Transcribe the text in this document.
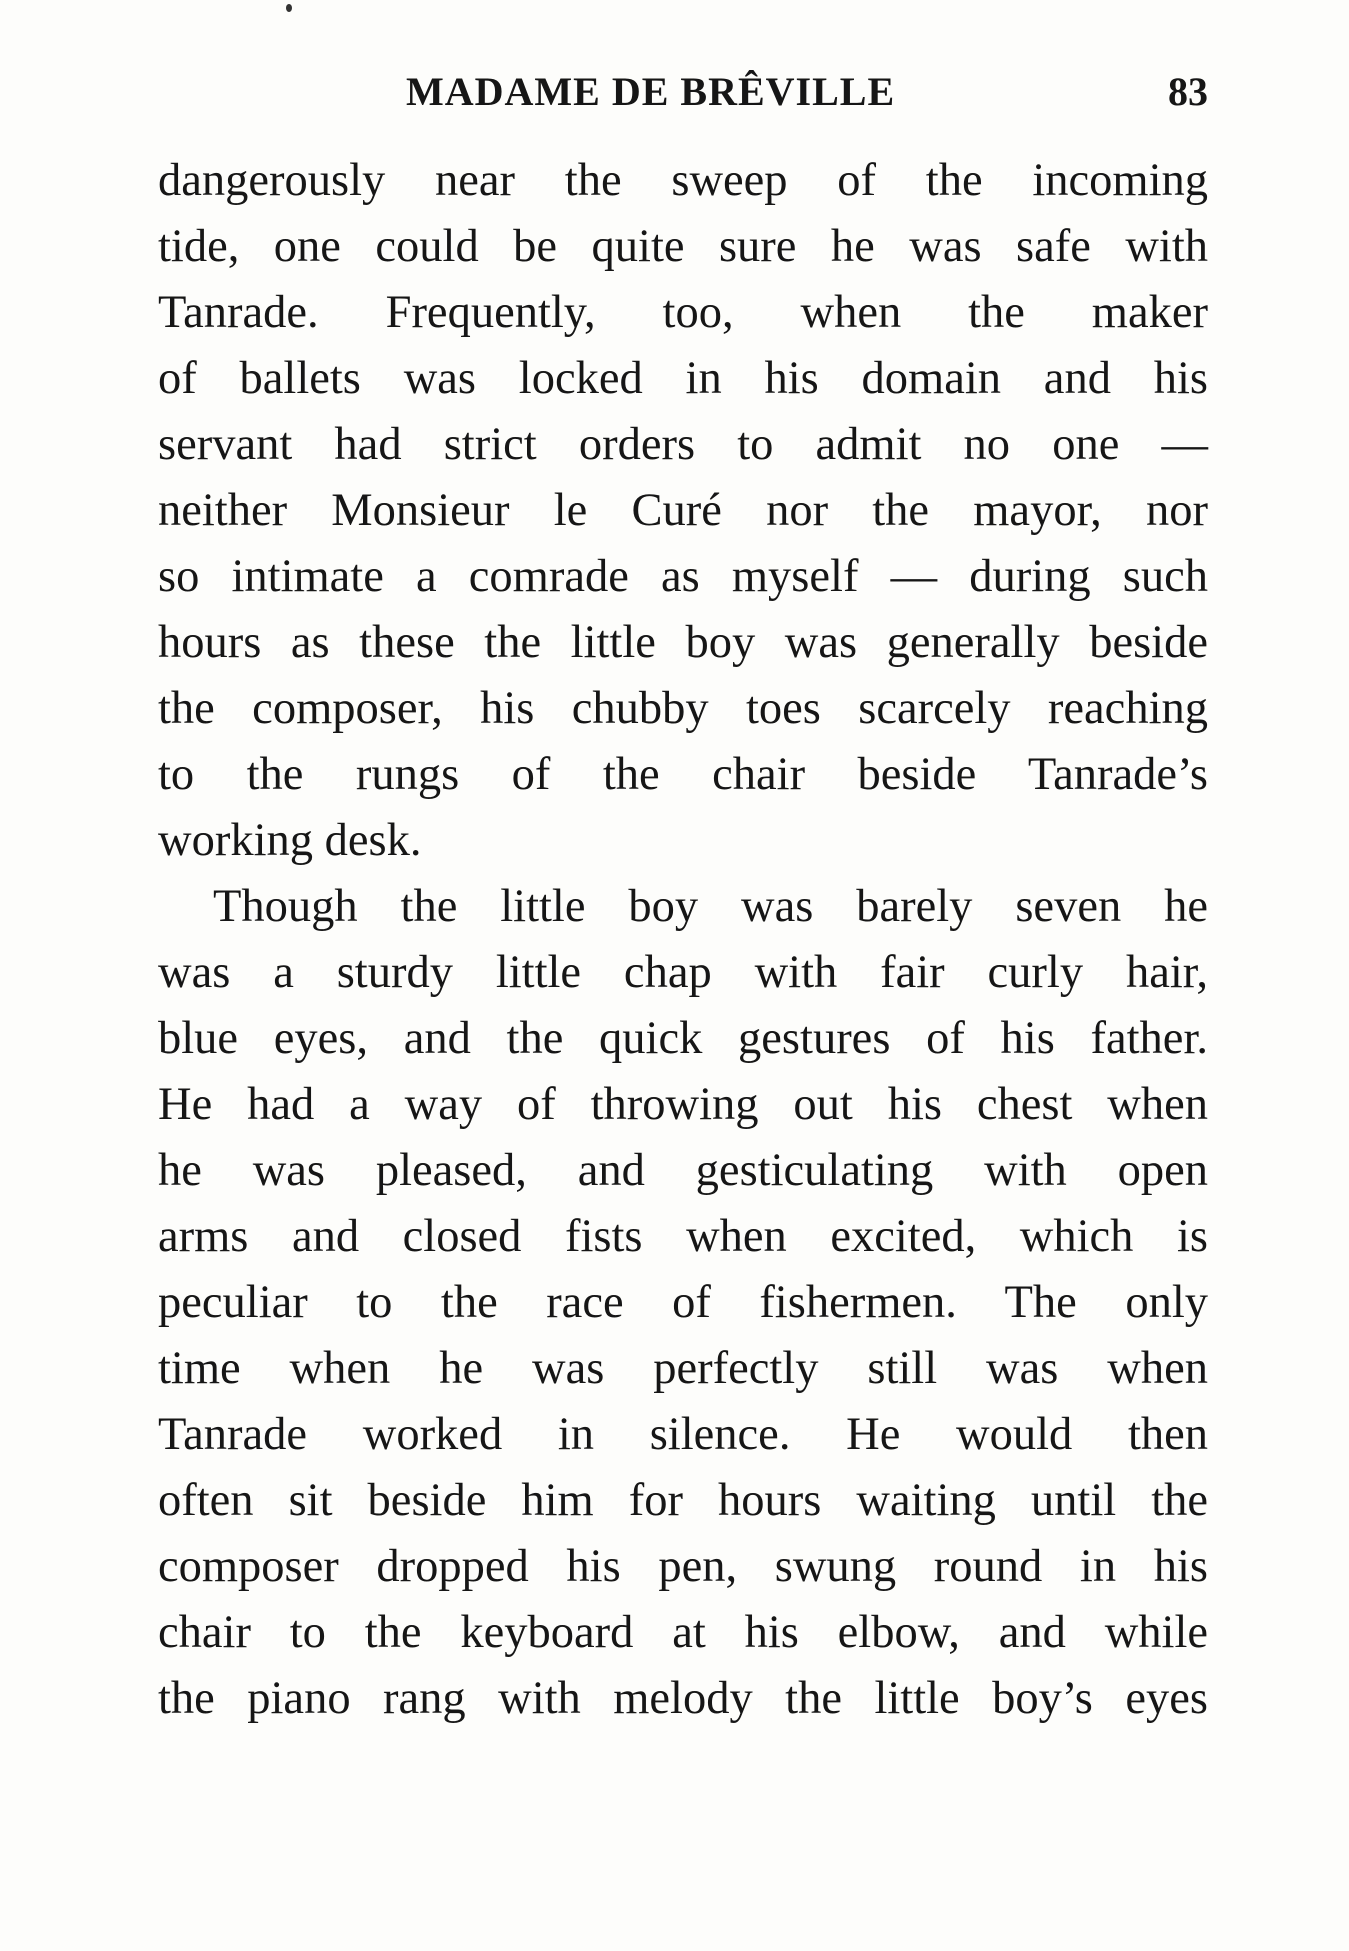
MADAME DE BRÊVILLE	83
dangerously near the sweep of the incoming
tide, one could be quite sure he was safe with
Tanrade. Frequently, too, when the maker
of ballets was locked in his domain and his
servant had strict orders to admit no one —
neither Monsieur le Curé nor the mayor, nor
so intimate a comrade as myself — during such
hours as these the little boy was generally beside
the composer, his chubby toes scarcely reaching
to the rungs of the chair beside Tanrade’s
working desk.
Though the little boy was barely seven he
was a sturdy little chap with fair curly hair,
blue eyes, and the quick gestures of his father.
He had a way of throwing out his chest when
he was pleased, and gesticulating with open
arms and closed fists when excited, which is
peculiar to the race of fishermen. The only
time when he was perfectly still was when
Tanrade worked in silence. He would then
often sit beside him for hours waiting until the
composer dropped his pen, swung round in his
chair to the keyboard at his elbow, and while
the piano rang with melody the little boy’s eyes
